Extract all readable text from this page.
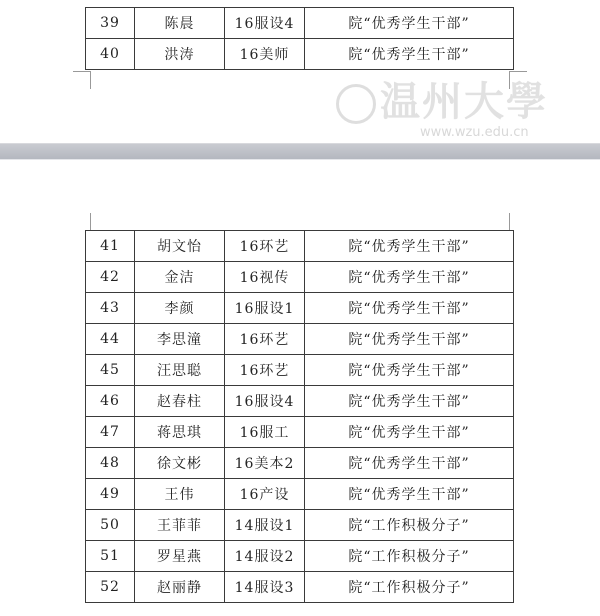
39	陈晨	16服设4	院“优秀学生干部”
40	洪涛	16美师	院“优秀学生干部”
41	胡文怡	16环艺	院“优秀学生干部”
42	金洁	16视传	院“优秀学生干部”
43	李颜	16服设1	院“优秀学生干部”
44	李思潼	16环艺	院“优秀学生干部”
45	汪思聪	16环艺	院“优秀学生干部”
46	赵春柱	16服设4	院“优秀学生干部”
47	蒋思琪	16服工	院“优秀学生干部”
48	徐文彬	16美本2	院“优秀学生干部”
49	王伟	16产设	院“优秀学生干部”
50	王菲菲	14服设1	院“工作积极分子”
51	罗星燕	14服设2	院“工作积极分子”
52	赵丽静	14服设3	院“工作积极分子”
温州大學
www.wzu.edu.cn
